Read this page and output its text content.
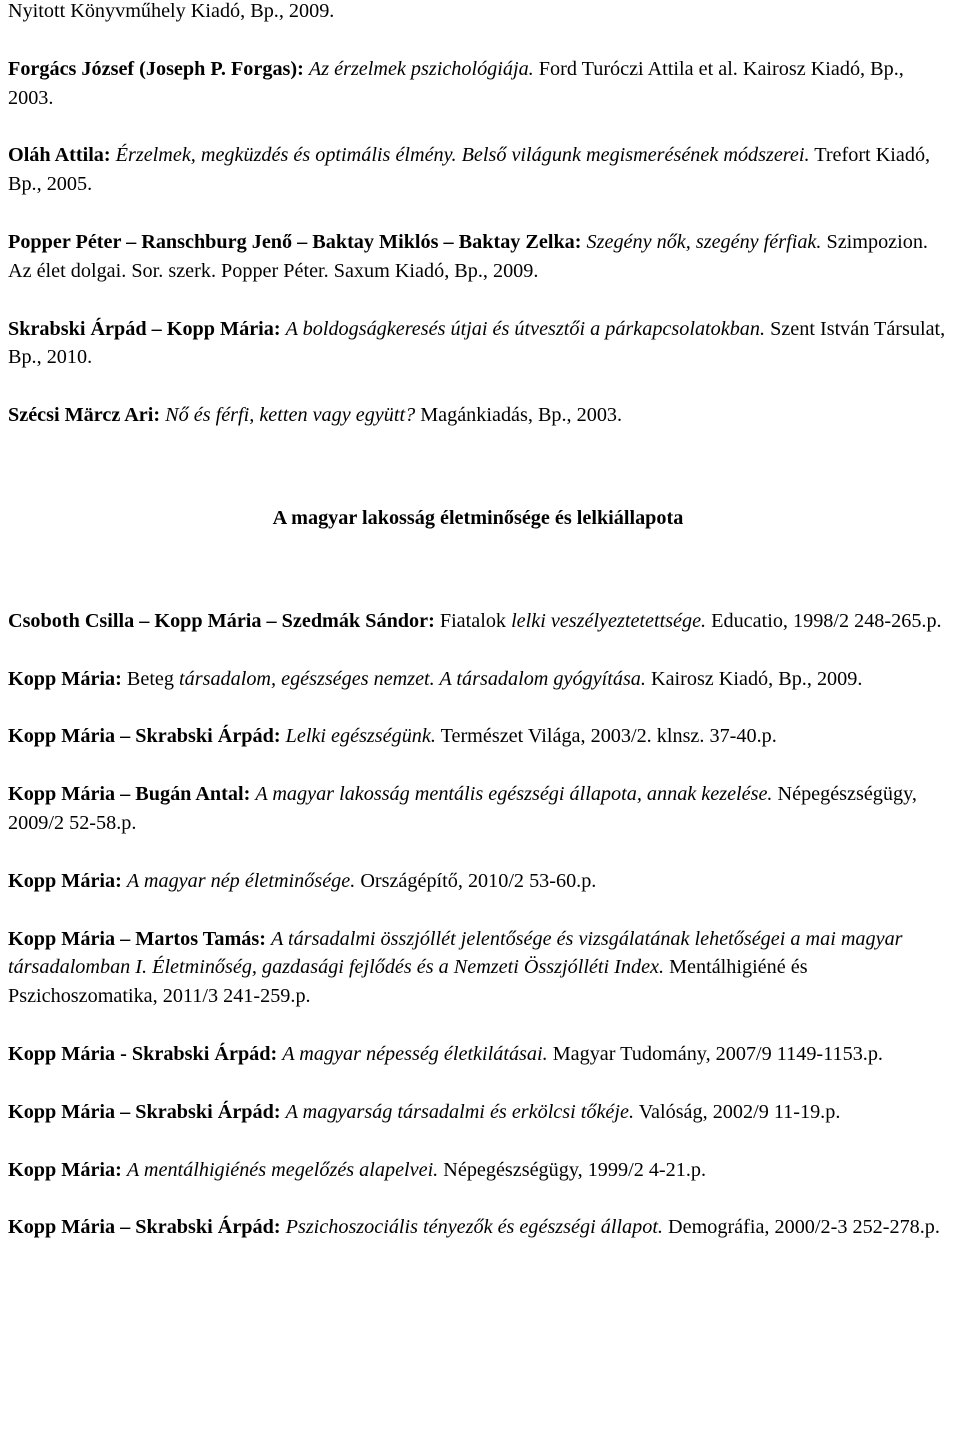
Nyitott Könyvműhely Kiadó, Bp., 2009.

Forgács József (Joseph P. Forgas): Az érzelmek pszichológiája. Ford Turóczi Attila et al. Kairosz Kiadó, Bp., 2003.

Oláh Attila: Érzelmek, megküzdés és optimális élmény. Belső világunk megismerésének módszerei. Trefort Kiadó, Bp., 2005.

Popper Péter – Ranschburg Jenő – Baktay Miklós – Baktay Zelka: Szegény nők, szegény férfiak. Szimpozion. Az élet dolgai. Sor. szerk. Popper Péter. Saxum Kiadó, Bp., 2009.

Skrabski Árpád – Kopp Mária: A boldogságkeresés útjai és útvesztői a párkapcsolatokban. Szent István Társulat, Bp., 2010.

Szécsi Märcz Ari: Nő és férfi, ketten vagy együtt? Magánkiadás, Bp., 2003.

A magyar lakosság életminősége és lelkiállapota

Csoboth Csilla – Kopp Mária – Szedmák Sándor: Fiatalok lelki veszélyeztetettsége. Educatio, 1998/2 248-265.p.

Kopp Mária: Beteg társadalom, egészséges nemzet. A társadalom gyógyítása. Kairosz Kiadó, Bp., 2009.

Kopp Mária – Skrabski Árpád: Lelki egészségünk. Természet Világa, 2003/2. klnsz. 37-40.p.

Kopp Mária – Bugán Antal: A magyar lakosság mentális egészségi állapota, annak kezelése. Népegészségügy, 2009/2 52-58.p.

Kopp Mária: A magyar nép életminősége. Országépítő, 2010/2 53-60.p.

Kopp Mária – Martos Tamás: A társadalmi összjóllét jelentősége és vizsgálatának lehetőségei a mai magyar társadalomban I. Életminőség, gazdasági fejlődés és a Nemzeti Összjólléti Index. Mentálhigiéné és Pszichoszomatika, 2011/3 241-259.p.

Kopp Mária - Skrabski Árpád: A magyar népesség életkilátásai. Magyar Tudomány, 2007/9 1149-1153.p.

Kopp Mária – Skrabski Árpád: A magyarság társadalmi és erkölcsi tőkéje. Valóság, 2002/9 11-19.p.

Kopp Mária: A mentálhigiénés megelőzés alapelvei. Népegészségügy, 1999/2 4-21.p.

Kopp Mária – Skrabski Árpád: Pszichoszociális tényezők és egészségi állapot. Demográfia, 2000/2-3 252-278.p.
